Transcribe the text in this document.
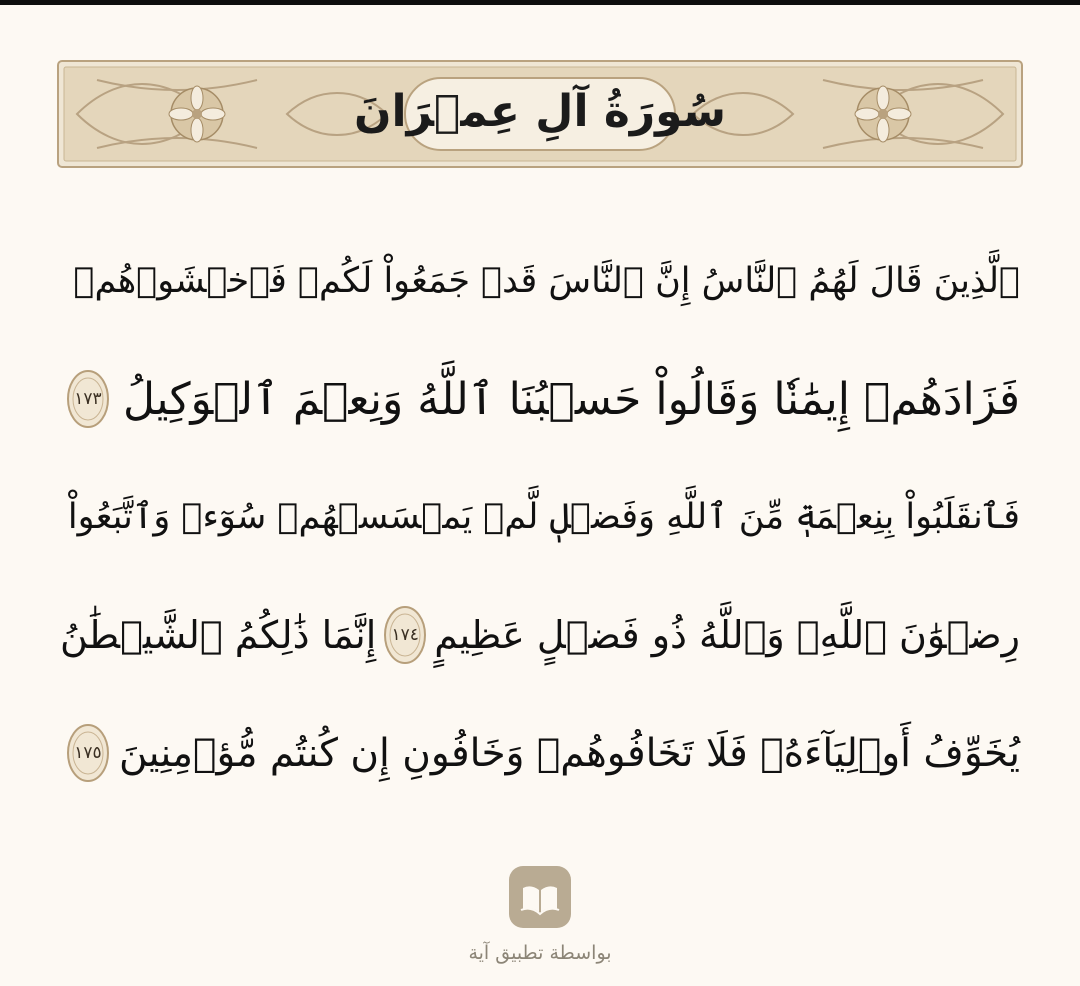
سُورَةُ آلِ عِمۡرَانَ
ٱلَّذِينَ قَالَ لَهُمُ ٱلنَّاسُ إِنَّ ٱلنَّاسَ قَدۡ جَمَعُواْ لَكُمۡ فَٱخۡشَوۡهُمۡ
فَزَادَهُمۡ إِيمَٰنٗا وَقَالُواْ حَسۡبُنَا ٱللَّهُ وَنِعۡمَ ٱلۡوَكِيلُ
١٧٣
فَٱنقَلَبُواْ بِنِعۡمَةٖ مِّنَ ٱللَّهِ وَفَضۡلٖ لَّمۡ يَمۡسَسۡهُمۡ سُوٓءٞ وَٱتَّبَعُواْ
رِضۡوَٰنَ ٱللَّهِۗ وَٱللَّهُ ذُو فَضۡلٍ عَظِيمٍ
١٧٤
إِنَّمَا ذَٰلِكُمُ ٱلشَّيۡطَٰنُ
يُخَوِّفُ أَوۡلِيَآءَهُۥ فَلَا تَخَافُوهُمۡ وَخَافُونِ إِن كُنتُم مُّؤۡمِنِينَ
١٧٥
بواسطة تطبيق آية
